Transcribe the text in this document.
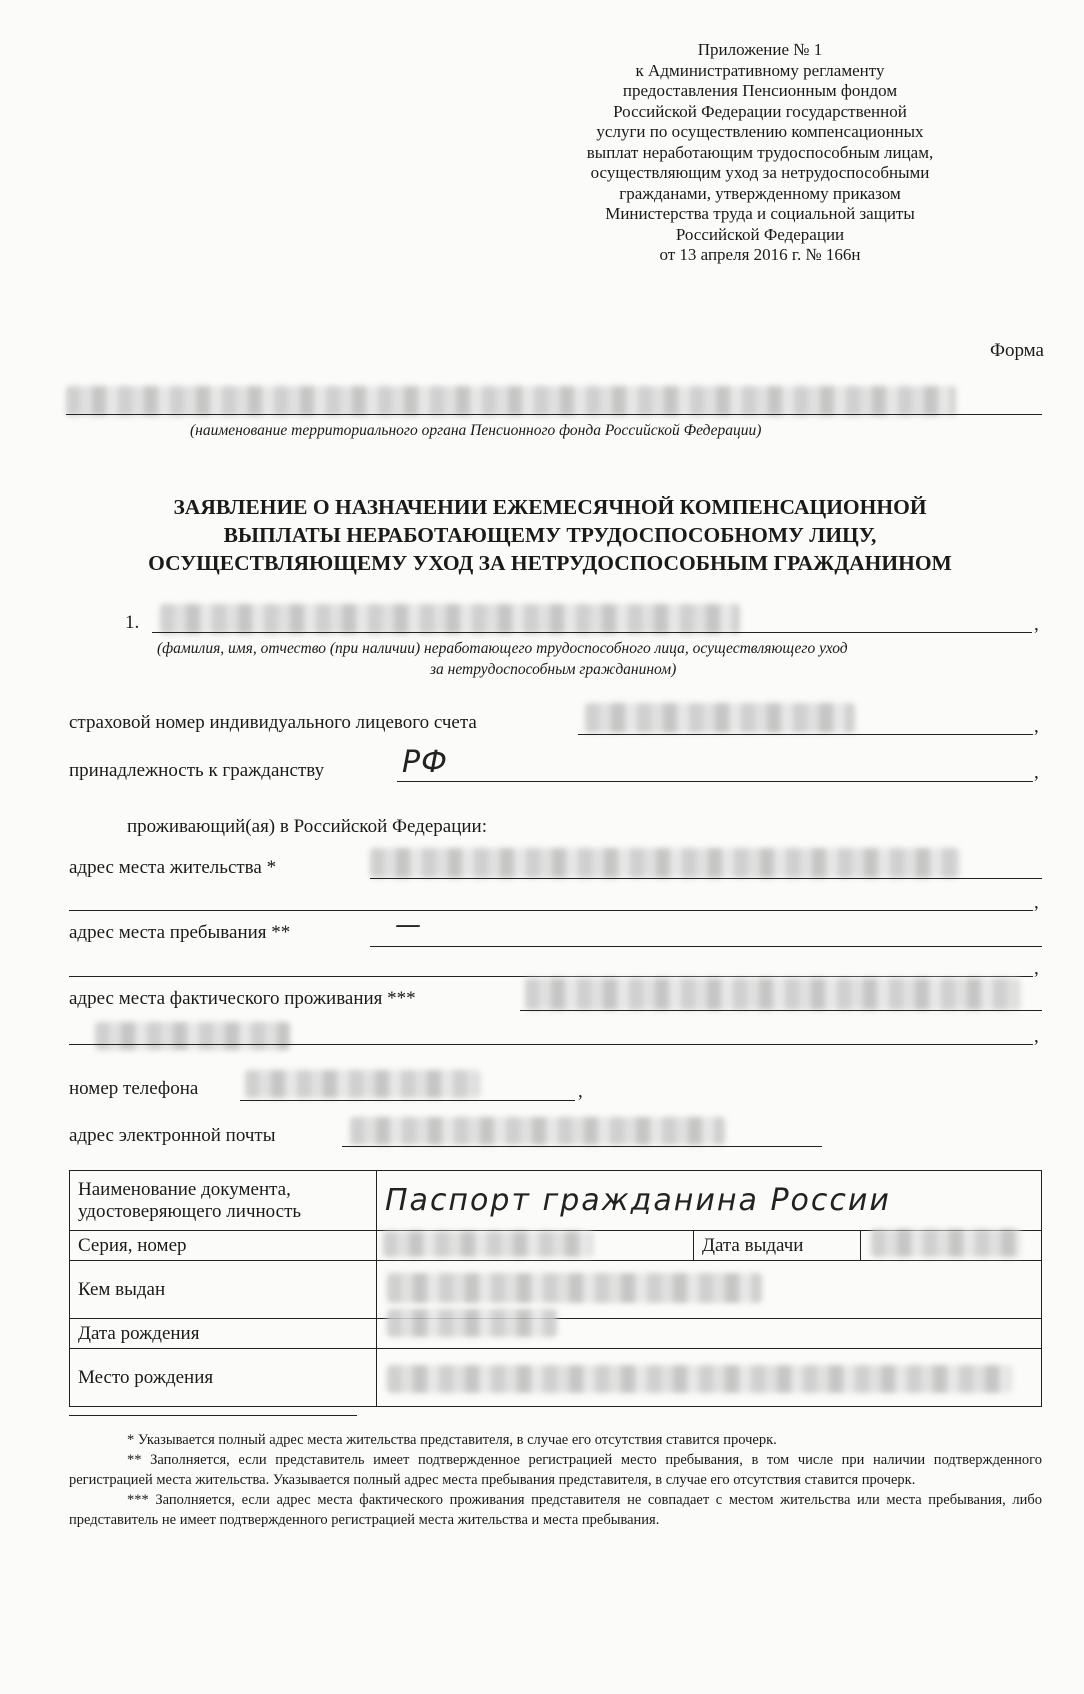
Приложение № 1
к Административному регламенту
предоставления Пенсионным фондом
Российской Федерации государственной
услуги по осуществлению компенсационных
выплат неработающим трудоспособным лицам,
осуществляющим уход за нетрудоспособными
гражданами, утвержденному приказом
Министерства труда и социальной защиты
Российской Федерации
от 13 апреля 2016 г. № 166н
Форма
(наименование территориального органа Пенсионного фонда Российской Федерации)
ЗАЯВЛЕНИЕ О НАЗНАЧЕНИИ ЕЖЕМЕСЯЧНОЙ КОМПЕНСАЦИОННОЙ
ВЫПЛАТЫ НЕРАБОТАЮЩЕМУ ТРУДОСПОСОБНОМУ ЛИЦУ,
ОСУЩЕСТВЛЯЮЩЕМУ УХОД ЗА НЕТРУДОСПОСОБНЫМ ГРАЖДАНИНОМ
1.	,
(фамилия, имя, отчество (при наличии) неработающего трудоспособного лица, осуществляющего уход
за нетрудоспособным гражданином)
страховой номер индивидуального лицевого счета	,
принадлежность к гражданству	РФ	,
проживающий(ая) в Российской Федерации:
адрес места жительства *
,
адрес места пребывания **	—
,
адрес места фактического проживания ***
,
номер телефона	,
адрес электронной почты
Наименование документа,
удостоверяющего личность	Паспорт гражданина России		
Серия, номер		Дата выдачи	

Кем выдан			

Дата рождения			

Место рождения			

* Указывается полный адрес места жительства представителя, в случае его отсутствия ставится прочерк.

** Заполняется, если представитель имеет подтвержденное регистрацией место пребывания, в том числе при наличии подтвержденного регистрацией места жительства. Указывается полный адрес места пребывания представителя, в случае его отсутствия ставится прочерк.

*** Заполняется, если адрес места фактического проживания представителя не совпадает с местом жительства или места пребывания, либо представитель не имеет подтвержденного регистрацией места жительства и места пребывания.
